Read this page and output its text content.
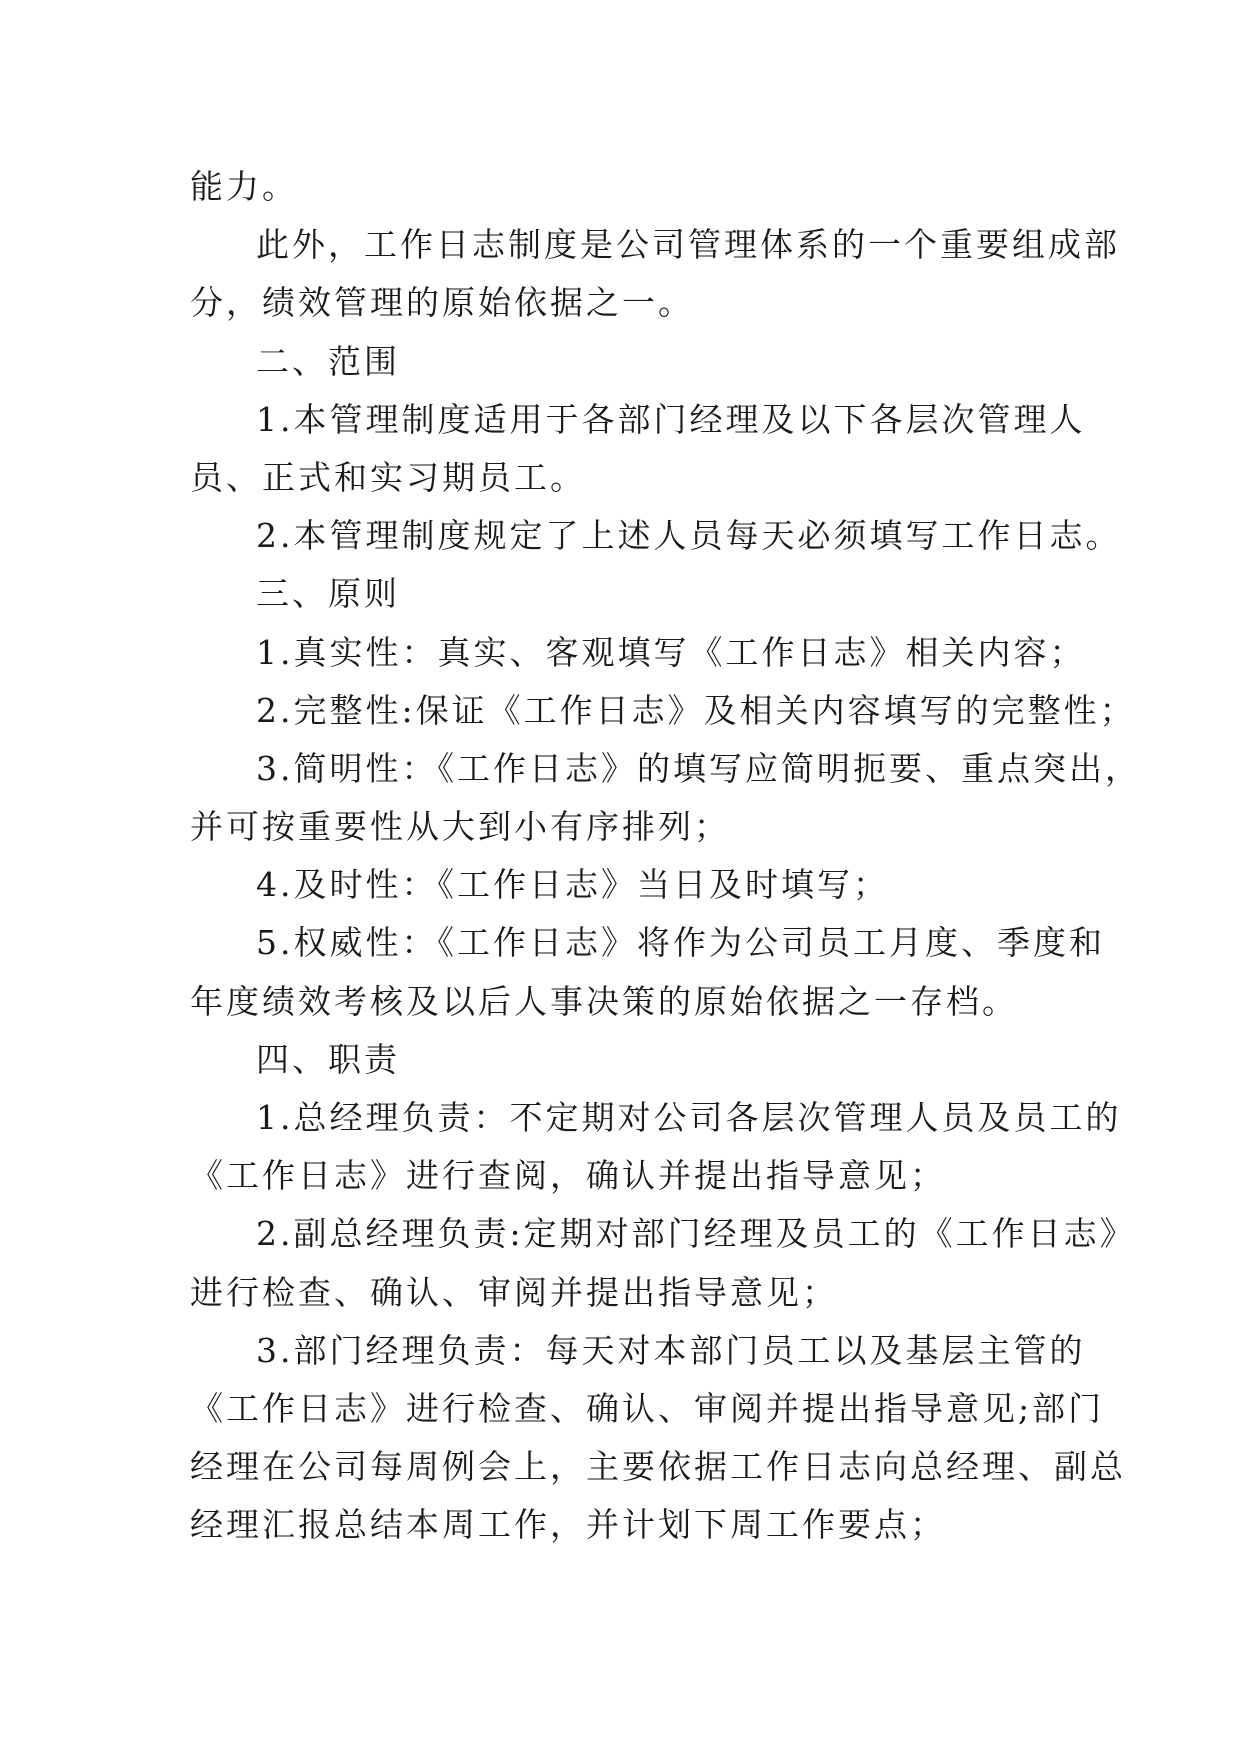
能力。
此外，工作日志制度是公司管理体系的一个重要组成部
分，绩效管理的原始依据之一。
二、范围
1.本管理制度适用于各部门经理及以下各层次管理人
员、正式和实习期员工。
2.本管理制度规定了上述人员每天必须填写工作日志。
三、原则
1.真实性：真实、客观填写《工作日志》相关内容；
2.完整性:保证《工作日志》及相关内容填写的完整性；
3.简明性：《工作日志》的填写应简明扼要、重点突出，
并可按重要性从大到小有序排列；
4.及时性：《工作日志》当日及时填写；
5.权威性：《工作日志》将作为公司员工月度、季度和
年度绩效考核及以后人事决策的原始依据之一存档。
四、职责
1.总经理负责：不定期对公司各层次管理人员及员工的
《工作日志》进行查阅，确认并提出指导意见；
2.副总经理负责:定期对部门经理及员工的《工作日志》
进行检查、确认、审阅并提出指导意见；
3.部门经理负责：每天对本部门员工以及基层主管的
《工作日志》进行检查、确认、审阅并提出指导意见;部门
经理在公司每周例会上，主要依据工作日志向总经理、副总
经理汇报总结本周工作，并计划下周工作要点；
